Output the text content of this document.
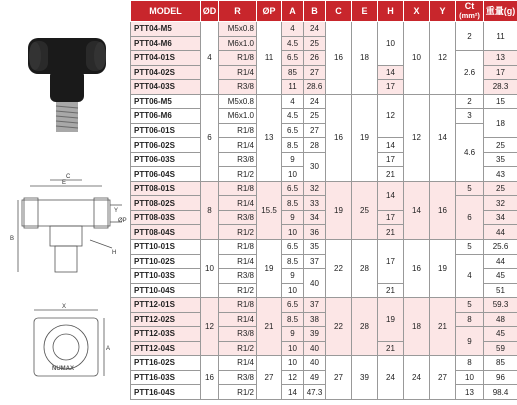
E
C
B
Y
ØP
H
NUMAX
X
A
MODEL	ØD	R	ØP	A	B	C	E	H	X	Y	Ct
(mm²)	重量(g)
PTT04-M5	4	M5x0.8	11	4	24	16	18	10	10	12	2	11
PTT04-M6		M6x1.0		4.5	25							
PTT04-01S		R1/8		6.5	26						2.6	13
PTT04-02S		R1/4		85	27			14				17
PTT04-03S		R3/8		11	28.6			17				28.3
PTT06-M5	6	M5x0.8	13	4	24	16	19	12	12	14	2	15
PTT06-M6		M6x1.0		4.5	25						3	18
PTT06-01S		R1/8		6.5	27						4.6	
PTT06-02S		R1/4		8.5	28			14				25
PTT06-03S		R3/8		9	30			17				35
PTT06-04S		R1/2		10				21				43
PTT08-01S	8	R1/8	15.5	6.5	32	19	25	14	14	16	5	25
PTT08-02S		R1/4		8.5	33						6	32
PTT08-03S		R3/8		9	34			17				34
PTT08-04S		R1/2		10	36			21				44
PTT10-01S	10	R1/8	19	6.5	35	22	28	17	16	19	5	25.6
PTT10-02S		R1/4		8.5	37						4	44
PTT10-03S		R3/8		9	40							45
PTT10-04S		R1/2		10				21				51
PTT12-01S	12	R1/8	21	6.5	37	22	28	19	18	21	5	59.3
PTT12-02S		R1/4		8.5	38						8	48
PTT12-03S		R3/8		9	39						9	45
PTT12-04S		R1/2		10	40			21				59
PTT16-02S	16	R1/4	27	10	40	27	39	24	24	27	8	85
PTT16-03S		R3/8		12	49						10	96
PTT16-04S		R1/2		14	47.3						13	98.4
